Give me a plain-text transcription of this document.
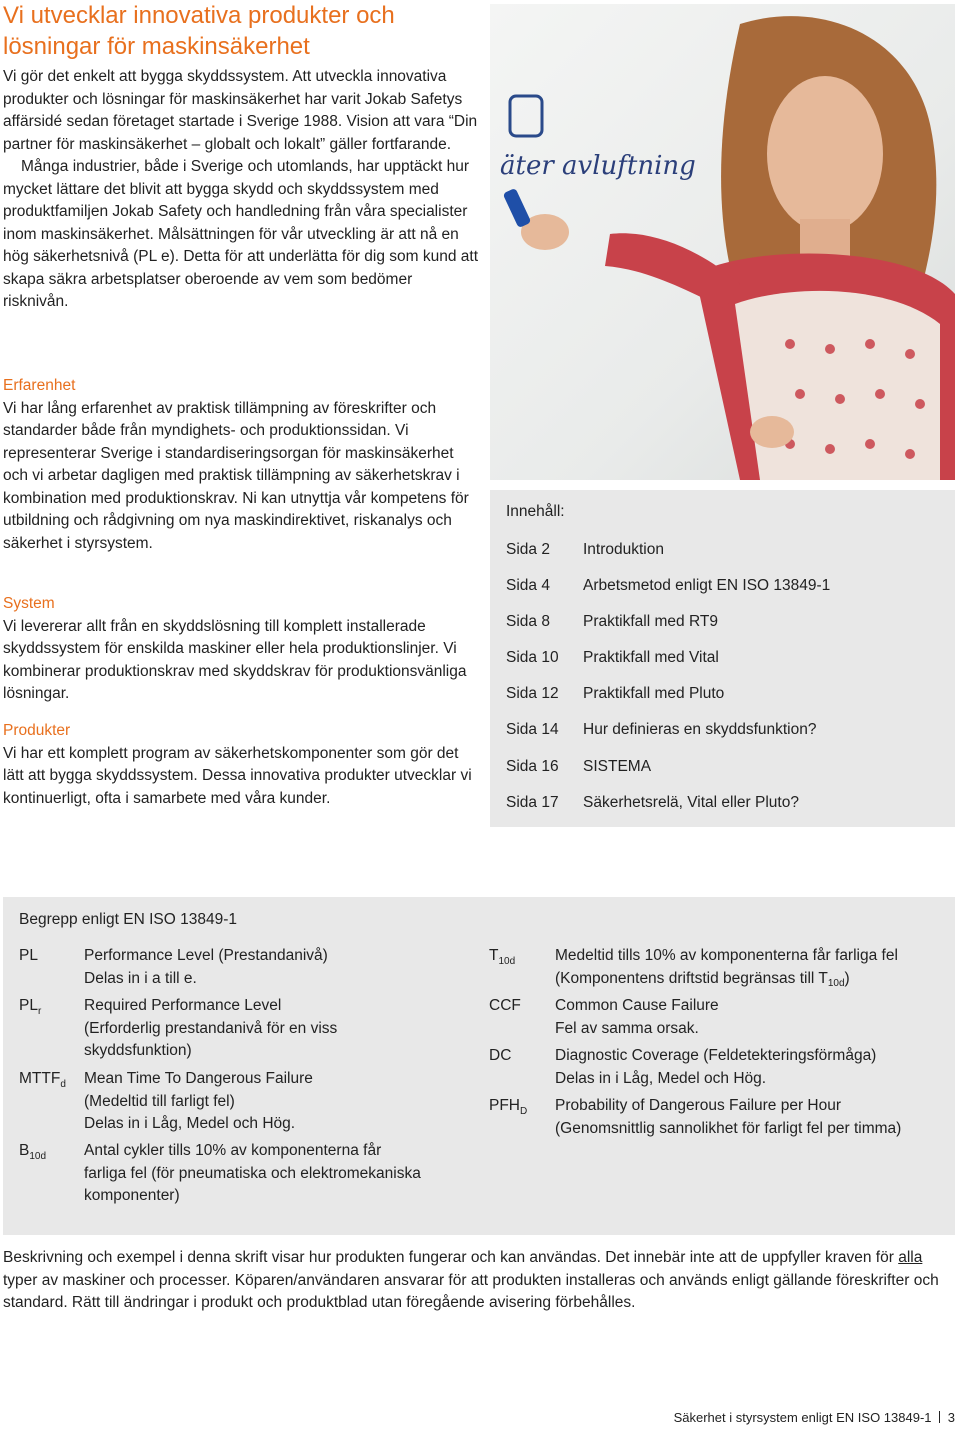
Vi utvecklar innovativa produkter och lösningar för maskinsäkerhet

Vi gör det enkelt att bygga skyddssystem. Att utveckla innovativa produkter och lösningar för maskinsäkerhet har varit Jokab Safetys affärsidé sedan företaget startade i Sverige 1988. Vision att vara “Din partner för maskinsäkerhet – globalt och lokalt” gäller fortfarande.

Många industrier, både i Sverige och utomlands, har upptäckt hur mycket lättare det blivit att bygga skydd och skyddssystem med produktfamiljen Jokab Safety och handledning från våra specialister inom maskinsäkerhet. Målsättningen för vår utveckling är att nå en hög säkerhetsnivå (PL e). Detta för att underlätta för dig som kund att skapa säkra arbetsplatser oberoende av vem som bedömer risknivån.

Erfarenhet

Vi har lång erfarenhet av praktisk tillämpning av föreskrifter och standarder både från myndighets- och produktionssidan. Vi representerar Sverige i standardiseringsorgan för maskinsäkerhet och vi arbetar dagligen med praktisk tillämpning av säkerhetskrav i kombination med produktionskrav. Ni kan utnyttja vår kompetens för utbildning och rådgivning om nya maskindirektivet, riskanalys och säkerhet i styrsystem.

System

Vi levererar allt från en skyddslösning till komplett installerade skyddssystem för enskilda maskiner eller hela produktionslinjer. Vi kombinerar produktionskrav med skyddskrav för produktionsvänliga lösningar.

Produkter

Vi har ett komplett program av säkerhetskomponenter som gör det lätt att bygga skyddssystem. Dessa innovativa produkter utvecklar vi kontinuerligt, ofta i samarbete med våra kunder.

äter avluftning
Innehåll:
Sida 2	Introduktion
Sida 4	Arbetsmetod enligt EN ISO 13849-1
Sida 8	Praktikfall med RT9
Sida 10	Praktikfall med Vital
Sida 12	Praktikfall med Pluto
Sida 14	Hur definieras en skyddsfunktion?
Sida 16	SISTEMA
Sida 17	Säkerhetsrelä, Vital eller Pluto?
Begrepp enligt EN ISO 13849-1
PL	Performance Level (Prestandanivå)
Delas in i a till e.
$PL_r$	Required Performance Level
(Erforderlig prestandanivå för en viss
skyddsfunktion)
$MTTF_d$ Mean Time To Dangerous Failure
(Medeltid till farligt fel)
Delas in i Låg, Medel och Hög.
$B_{10d}$ Antal cykler tills 10% av komponenterna får
farliga fel (för pneumatiska och elektromekaniska
komponenter)
$T_{10d}$	Medeltid tills 10% av komponenterna får farliga fel
(Komponentens driftstid begränsas till $T_{10d}$)
CCF Common Cause Failure
Fel av samma orsak.
DC	Diagnostic Coverage (Feldetekteringsförmåga)
Delas in i Låg, Medel och Hög.
$PFH_D$ Probability of Dangerous Failure per Hour
(Genomsnittlig sannolikhet för farligt fel per timma)
Beskrivning och exempel i denna skrift visar hur produkten fungerar och kan användas. Det innebär inte att de uppfyller kraven för alla typer av maskiner och processer. Köparen/användaren ansvarar för att produkten installeras och används enligt gällande föreskrifter och standard. Rätt till ändringar i produkt och produktblad utan föregående avisering förbehålles.
Säkerhet i styrsystem enligt EN ISO 13849-1 3
